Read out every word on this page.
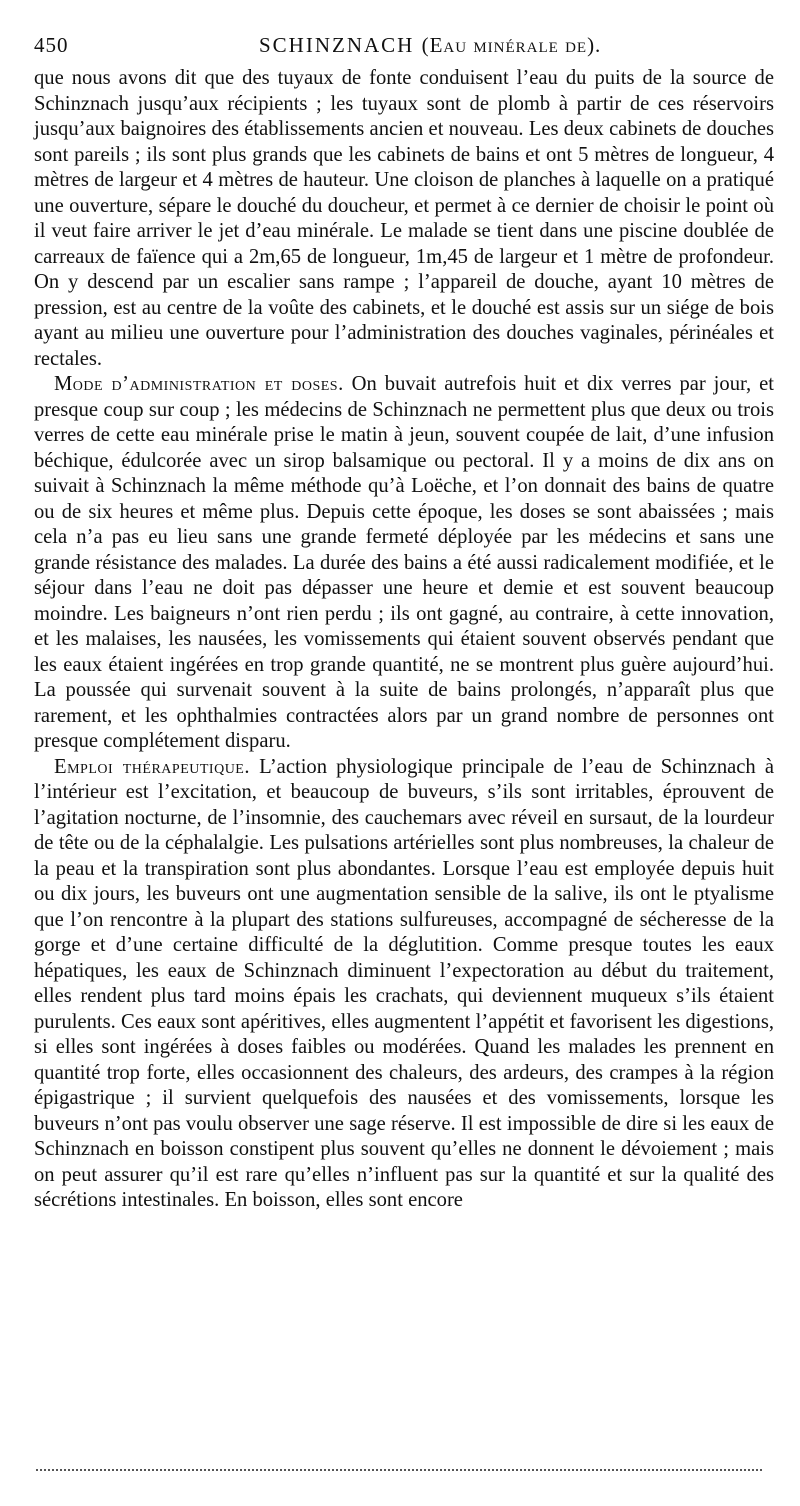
450	SCHINZNACH (Eau minérale de).

que nous avons dit que des tuyaux de fonte conduisent l’eau du puits de la source de Schinznach jusqu’aux récipients ; les tuyaux sont de plomb à partir de ces réservoirs jusqu’aux baignoires des établissements ancien et nouveau. Les deux cabinets de douches sont pareils ; ils sont plus grands que les cabinets de bains et ont 5 mètres de longueur, 4 mètres de largeur et 4 mètres de hauteur. Une cloison de planches à laquelle on a pratiqué une ouverture, sépare le douché du doucheur, et permet à ce dernier de choisir le point où il veut faire arriver le jet d’eau minérale. Le malade se tient dans une piscine doublée de carreaux de faïence qui a 2m,65 de longueur, 1m,45 de largeur et 1 mètre de profondeur. On y descend par un escalier sans rampe ; l’appareil de douche, ayant 10 mètres de pression, est au centre de la voûte des cabinets, et le douché est assis sur un siége de bois ayant au milieu une ouverture pour l’administration des douches vaginales, périnéales et rectales.

Mode d’administration et doses. On buvait autrefois huit et dix verres par jour, et presque coup sur coup ; les médecins de Schinznach ne permettent plus que deux ou trois verres de cette eau minérale prise le matin à jeun, souvent coupée de lait, d’une infusion béchique, édulcorée avec un sirop balsamique ou pectoral. Il y a moins de dix ans on suivait à Schinznach la même méthode qu’à Loëche, et l’on donnait des bains de quatre ou de six heures et même plus. Depuis cette époque, les doses se sont abaissées ; mais cela n’a pas eu lieu sans une grande fermeté déployée par les médecins et sans une grande résistance des malades. La durée des bains a été aussi radicalement modifiée, et le séjour dans l’eau ne doit pas dépasser une heure et demie et est souvent beaucoup moindre. Les baigneurs n’ont rien perdu ; ils ont gagné, au contraire, à cette innovation, et les malaises, les nausées, les vomissements qui étaient souvent observés pendant que les eaux étaient ingérées en trop grande quantité, ne se montrent plus guère aujourd’hui. La poussée qui survenait souvent à la suite de bains prolongés, n’apparaît plus que rarement, et les ophthalmies contractées alors par un grand nombre de personnes ont presque complétement disparu.

Emploi thérapeutique. L’action physiologique principale de l’eau de Schinznach à l’intérieur est l’excitation, et beaucoup de buveurs, s’ils sont irritables, éprouvent de l’agitation nocturne, de l’insomnie, des cauchemars avec réveil en sursaut, de la lourdeur de tête ou de la céphalalgie. Les pulsations artérielles sont plus nombreuses, la chaleur de la peau et la transpiration sont plus abondantes. Lorsque l’eau est employée depuis huit ou dix jours, les buveurs ont une augmentation sensible de la salive, ils ont le ptyalisme que l’on rencontre à la plupart des stations sulfureuses, accompagné de sécheresse de la gorge et d’une certaine difficulté de la déglutition. Comme presque toutes les eaux hépatiques, les eaux de Schinznach diminuent l’expectoration au début du traitement, elles rendent plus tard moins épais les crachats, qui deviennent muqueux s’ils étaient purulents. Ces eaux sont apéritives, elles augmentent l’appétit et favorisent les digestions, si elles sont ingérées à doses faibles ou modérées. Quand les malades les prennent en quantité trop forte, elles occasionnent des chaleurs, des ardeurs, des crampes à la région épigastrique ; il survient quelquefois des nausées et des vomissements, lorsque les buveurs n’ont pas voulu observer une sage réserve. Il est impossible de dire si les eaux de Schinznach en boisson constipent plus souvent qu’elles ne donnent le dévoiement ; mais on peut assurer qu’il est rare qu’elles n’influent pas sur la quantité et sur la qualité des sécrétions intestinales. En boisson, elles sont encore
